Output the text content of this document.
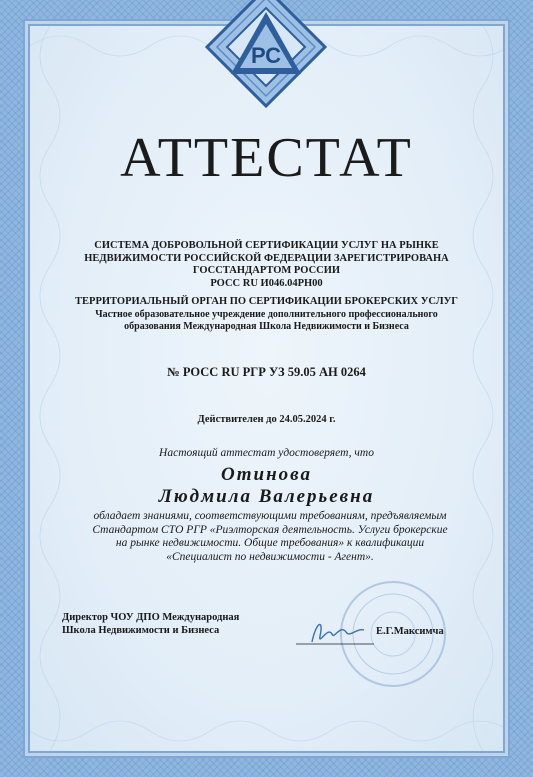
РС
АТТЕСТАТ
СИСТЕМА ДОБРОВОЛЬНОЙ СЕРТИФИКАЦИИ УСЛУГ НА РЫНКЕ
НЕДВИЖИМОСТИ РОССИЙСКОЙ ФЕДЕРАЦИИ ЗАРЕГИСТРИРОВАНА
ГОССТАНДАРТОМ РОССИИ
РОСС RU И046.04РН00
ТЕРРИТОРИАЛЬНЫЙ ОРГАН ПО СЕРТИФИКАЦИИ БРОКЕРСКИХ УСЛУГ
Частное образовательное учреждение дополнительного профессионального
образования Международная Школа Недвижимости и Бизнеса
№ РОСС RU РГР УЗ 59.05 АН 0264
Действителен до 24.05.2024 г.
Настоящий аттестат удостоверяет, что
Отинова
Людмила Валерьевна
обладает знаниями, соответствующими требованиям, предъявляемым
Стандартом СТО РГР «Риэлторская деятельность. Услуги брокерские
на рынке недвижимости. Общие требования» к квалификации
«Специалист по недвижимости - Агент».
Директор ЧОУ ДПО Международная
Школа Недвижимости и Бизнеса	Е.Г.Максимча
